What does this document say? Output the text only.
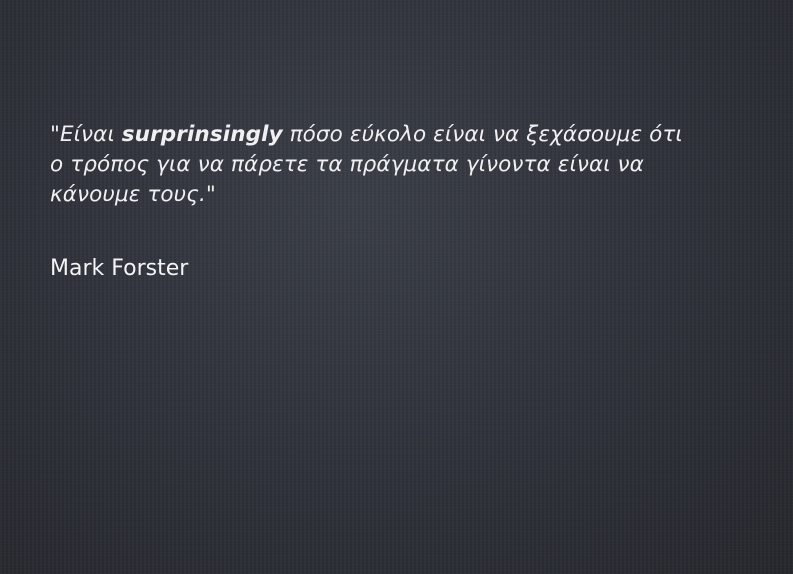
"Είναι surprinsingly πόσο εύκολο είναι να ξεχάσουμε ότι ο τρόπος για να πάρετε τα πράγματα γίνοντα είναι να κάνουμε τους."

Mark Forster
